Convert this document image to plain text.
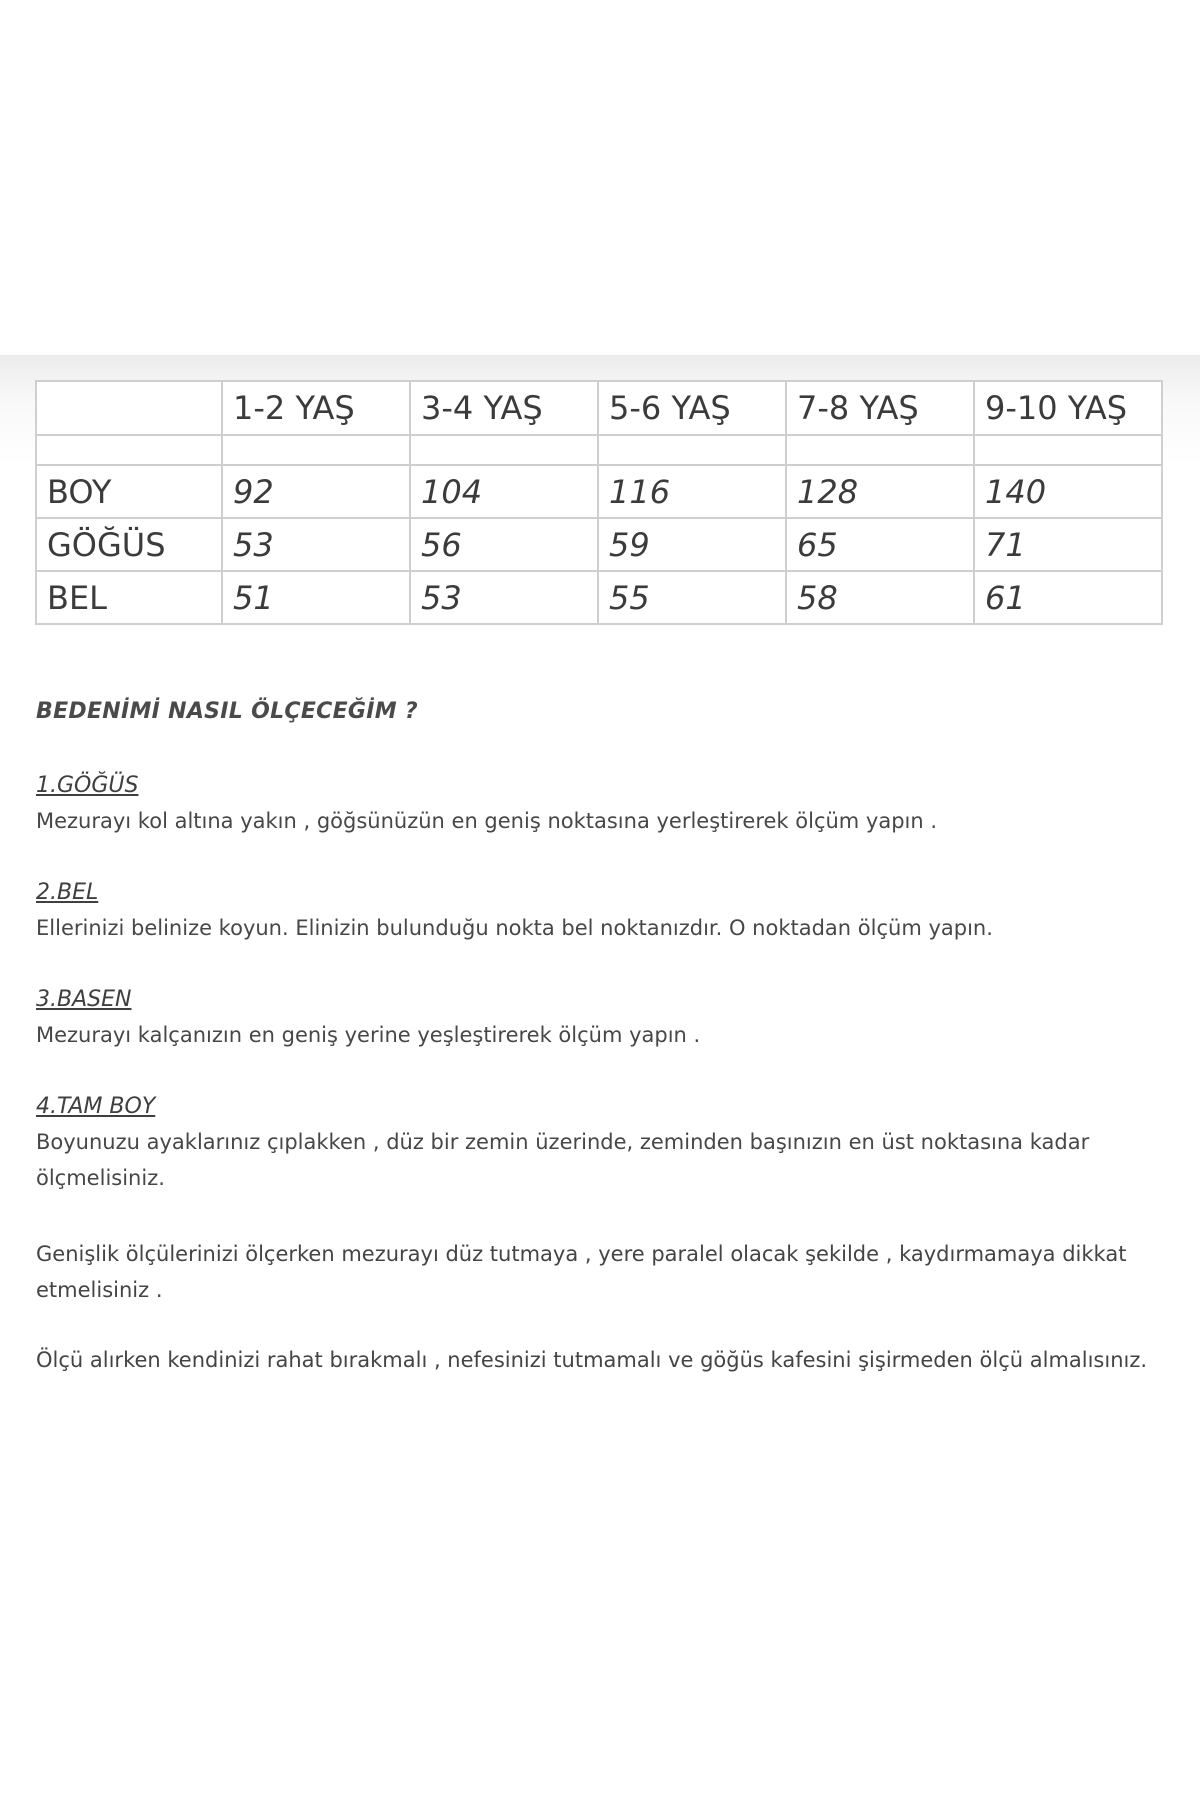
	1-2 YAŞ	3-4 YAŞ	5-6 YAŞ	7-8 YAŞ	9-10 YAŞ

BOY	92	104	116	128	140
GÖĞÜS	53	56	59	65	71
BEL	51	53	55	58	61
BEDENİMİ NASIL ÖLÇECEĞİM ?
1.GÖĞÜS
Mezurayı kol altına yakın , göğsünüzün en geniş noktasına yerleştirerek ölçüm yapın .
2.BEL
Ellerinizi belinize koyun. Elinizin bulunduğu nokta bel noktanızdır. O noktadan ölçüm yapın.
3.BASEN
Mezurayı kalçanızın en geniş yerine yeşleştirerek ölçüm yapın .
4.TAM BOY
Boyunuzu ayaklarınız çıplakken , düz bir zemin üzerinde, zeminden başınızın en üst noktasına kadar ölçmelisiniz.
Genişlik ölçülerinizi ölçerken mezurayı düz tutmaya , yere paralel olacak şekilde , kaydırmamaya dikkat etmelisiniz .
Ölçü alırken kendinizi rahat bırakmalı , nefesinizi tutmamalı ve göğüs kafesini şişirmeden ölçü almalısınız.
